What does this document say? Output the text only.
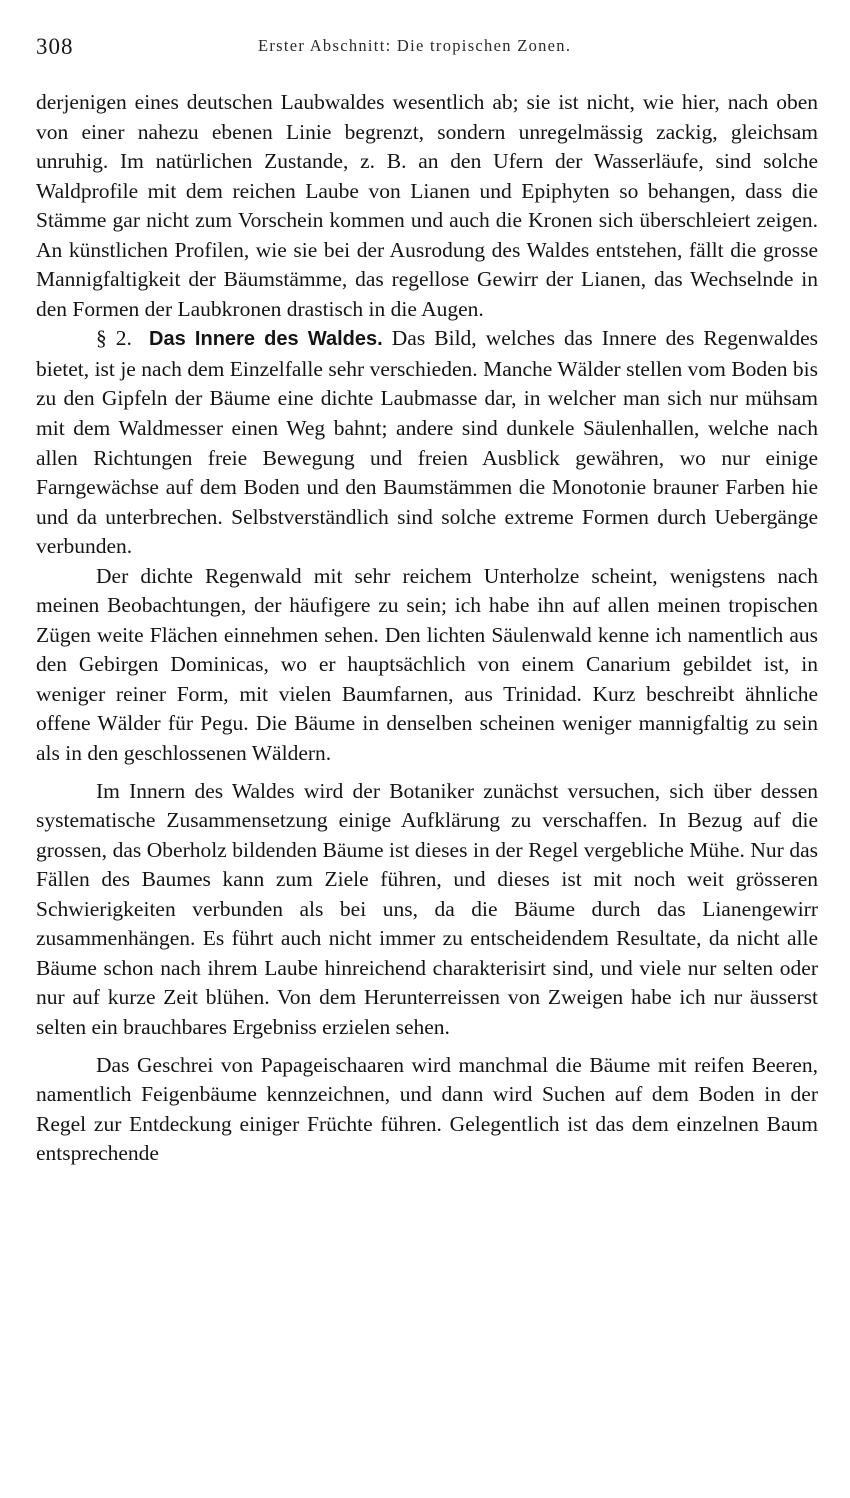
308	Erster Abschnitt: Die tropischen Zonen.

derjenigen eines deutschen Laubwaldes wesentlich ab; sie ist nicht, wie hier, nach oben von einer nahezu ebenen Linie begrenzt, sondern unregelmässig zackig, gleichsam unruhig. Im natürlichen Zustande, z. B. an den Ufern der Wasserläufe, sind solche Waldprofile mit dem reichen Laube von Lianen und Epiphyten so behangen, dass die Stämme gar nicht zum Vorschein kommen und auch die Kronen sich überschleiert zeigen. An künstlichen Profilen, wie sie bei der Ausrodung des Waldes entstehen, fällt die grosse Mannigfaltigkeit der Bäumstämme, das regellose Gewirr der Lianen, das Wechselnde in den Formen der Laubkronen drastisch in die Augen.

§ 2. Das Innere des Waldes. Das Bild, welches das Innere des Regenwaldes bietet, ist je nach dem Einzelfalle sehr verschieden. Manche Wälder stellen vom Boden bis zu den Gipfeln der Bäume eine dichte Laubmasse dar, in welcher man sich nur mühsam mit dem Waldmesser einen Weg bahnt; andere sind dunkele Säulenhallen, welche nach allen Richtungen freie Bewegung und freien Ausblick gewähren, wo nur einige Farngewächse auf dem Boden und den Baumstämmen die Monotonie brauner Farben hie und da unterbrechen. Selbstverständlich sind solche extreme Formen durch Uebergänge verbunden.

Der dichte Regenwald mit sehr reichem Unterholze scheint, wenigstens nach meinen Beobachtungen, der häufigere zu sein; ich habe ihn auf allen meinen tropischen Zügen weite Flächen einnehmen sehen. Den lichten Säulenwald kenne ich namentlich aus den Gebirgen Dominicas, wo er hauptsächlich von einem Canarium gebildet ist, in weniger reiner Form, mit vielen Baumfarnen, aus Trinidad. Kurz beschreibt ähnliche offene Wälder für Pegu. Die Bäume in denselben scheinen weniger mannigfaltig zu sein als in den geschlossenen Wäldern.

Im Innern des Waldes wird der Botaniker zunächst versuchen, sich über dessen systematische Zusammensetzung einige Aufklärung zu verschaffen. In Bezug auf die grossen, das Oberholz bildenden Bäume ist dieses in der Regel vergebliche Mühe. Nur das Fällen des Baumes kann zum Ziele führen, und dieses ist mit noch weit grösseren Schwierigkeiten verbunden als bei uns, da die Bäume durch das Lianengewirr zusammenhängen. Es führt auch nicht immer zu entscheidendem Resultate, da nicht alle Bäume schon nach ihrem Laube hinreichend charakterisirt sind, und viele nur selten oder nur auf kurze Zeit blühen. Von dem Herunterreissen von Zweigen habe ich nur äusserst selten ein brauchbares Ergebniss erzielen sehen.

Das Geschrei von Papageischaaren wird manchmal die Bäume mit reifen Beeren, namentlich Feigenbäume kennzeichnen, und dann wird Suchen auf dem Boden in der Regel zur Entdeckung einiger Früchte führen. Gelegentlich ist das dem einzelnen Baum entsprechende
